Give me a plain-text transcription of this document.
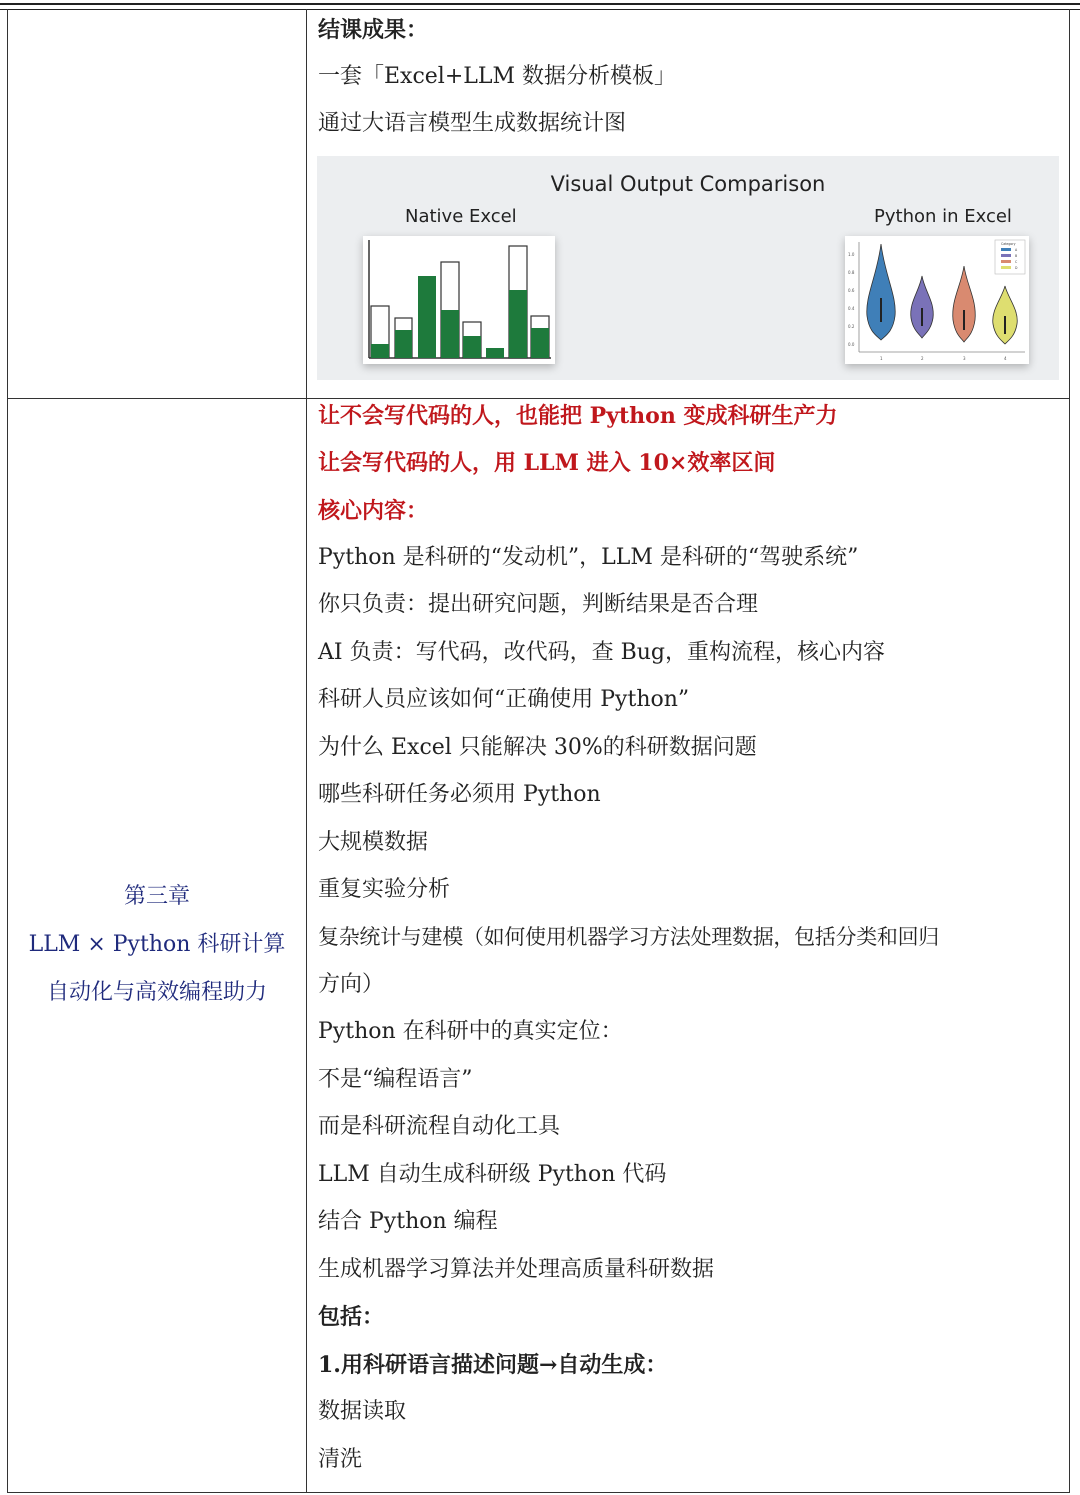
结课成果：
一套「Excel+LLM 数据分析模板」
通过大语言模型生成数据统计图
Visual Output Comparison
Native Excel	Python in Excel
1.0
0.8
0.6
0.4
0.2
0.0
1	2	3	4
Category
A
B
C
D
第三章
LLM × Python 科研计算
自动化与高效编程助力
让不会写代码的人，也能把 Python 变成科研生产力
让会写代码的人，用 LLM 进入 10×效率区间
核心内容：
Python 是科研的“发动机”，LLM 是科研的“驾驶系统”
你只负责：提出研究问题，判断结果是否合理
AI 负责：写代码，改代码，查 Bug，重构流程，核心内容
科研人员应该如何“正确使用 Python”
为什么 Excel 只能解决 30%的科研数据问题
哪些科研任务必须用 Python
大规模数据
重复实验分析
复杂统计与建模（如何使用机器学习方法处理数据，包括分类和回归
方向）
Python 在科研中的真实定位：
不是“编程语言”
而是科研流程自动化工具
LLM 自动生成科研级 Python 代码
结合 Python 编程
生成机器学习算法并处理高质量科研数据
包括：
1.用科研语言描述问题→自动生成：
数据读取
清洗
